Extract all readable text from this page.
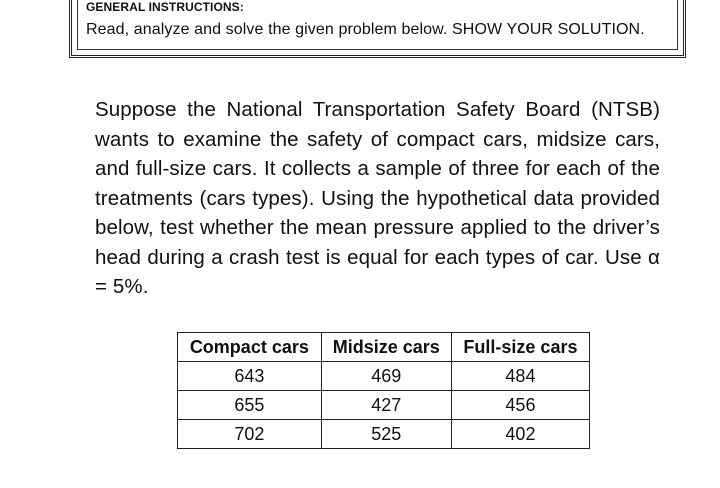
GENERAL INSTRUCTIONS:
Read, analyze and solve the given problem below. SHOW YOUR SOLUTION.

Suppose the National Transportation Safety Board (NTSB) wants to examine the safety of compact cars, midsize cars, and full-size cars. It collects a sample of three for each of the treatments (cars types). Using the hypothetical data provided below, test whether the mean pressure applied to the driver’s head during a crash test is equal for each types of car. Use α = 5%.

Compact cars	Midsize cars	Full-size cars
643	469	484
655	427	456
702	525	402
